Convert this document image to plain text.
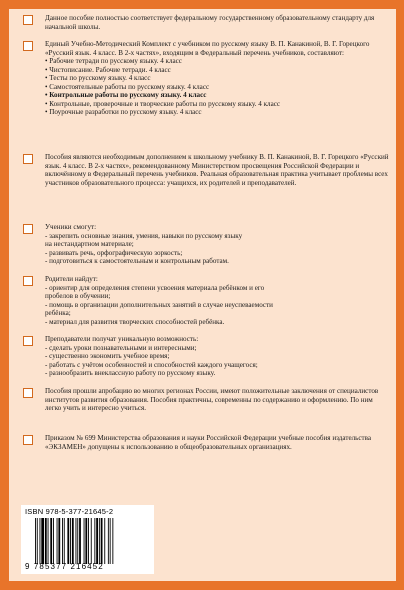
Данное пособие полностью соответствует федеральному государственному образовательному стандарту для начальной школы.

Единый Учебно-Методический Комплект с учебником по русскому языку В. П. Канакиной, В. Г. Горецкого «Русский язык. 4 класс. В 2-х частях», входящим в Федеральный перечень учебников, составляют:

• Рабочие тетради по русскому языку. 4 класс
• Чистописание. Рабочие тетради. 4 класс
• Тесты по русскому языку. 4 класс
• Самостоятельные работы по русскому языку. 4 класс
• Контрольные работы по русскому языку. 4 класс
• Контрольные, проверочные и творческие работы по русскому языку. 4 класс
• Поурочные разработки по русскому языку. 4 класс

Пособия являются необходимым дополнением к школьному учебнику В. П. Канакиной, В. Г. Горецкого «Русский язык. 4 класс. В 2-х частях», рекомендованному Министерством просвещения Российской Федерации и включённому в Федеральный перечень учебников. Реальная образовательная практика учитывает проблемы всех участников образовательного процесса: учащихся, их родителей и преподавателей.

Ученики смогут:

- закрепить основные знания, умения, навыки по русскому языку
на нестандартном материале;
- развивать речь, орфографическую зоркость;
- подготовиться к самостоятельным и контрольным работам.

Родители найдут:

- ориентир для определения степени усвоения материала ребёнком и его
пробелов в обучении;
- помощь в организации дополнительных занятий в случае неуспеваемости
ребёнка;
- материал для развития творческих способностей ребёнка.

Преподаватели получат уникальную возможность:

- сделать уроки познавательными и интересными;
- существенно экономить учебное время;
- работать с учётом особенностей и способностей каждого учащегося;
- разнообразить внеклассную работу по русскому языку.

Пособия прошли апробацию во многих регионах России, имеют положительные заключения от специалистов институтов развития образования. Пособия практичны, современны по содержанию и оформлению. По ним легко учить и интересно учиться.

Приказом № 699 Министерства образования и науки Российской Федерации учебные пособия издательства «ЭКЗАМЕН» допущены к использованию в общеобразовательных организациях.

ISBN 978-5-377-21645-2
9 785377 216452
